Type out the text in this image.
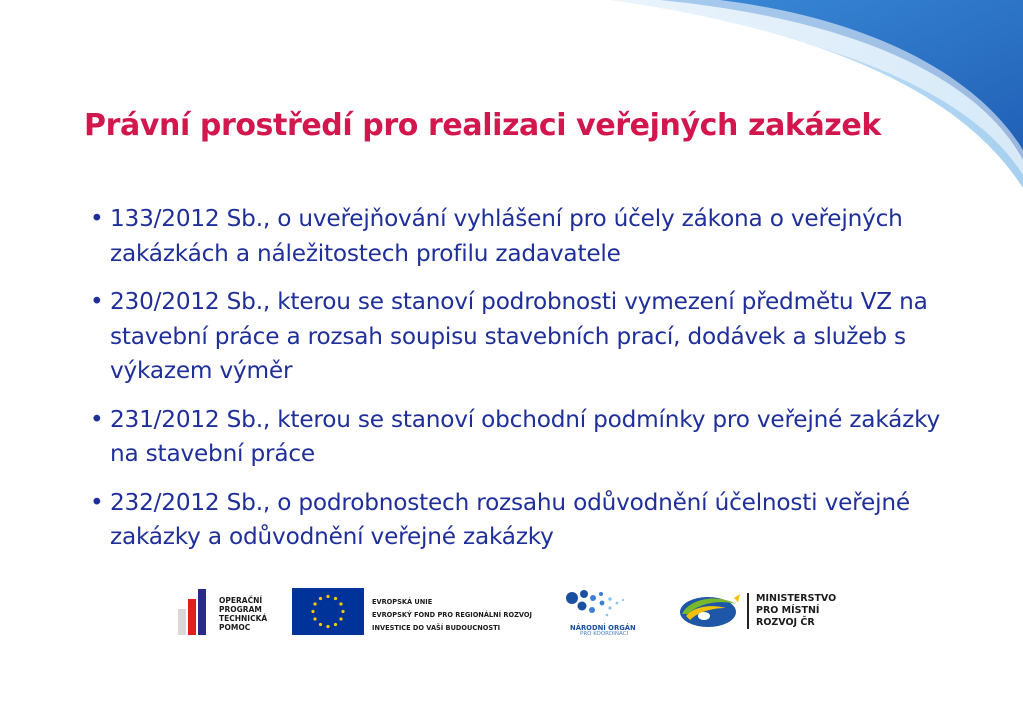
Právní prostředí pro realizaci veřejných zakázek
• 133/2012 Sb., o uveřejňování vyhlášení pro účely zákona o veřejných zakázkách a náležitostech profilu zadavatele
• 230/2012 Sb., kterou se stanoví podrobnosti vymezení předmětu VZ na stavební práce a rozsah soupisu stavebních prací, dodávek a služeb s výkazem výměr
• 231/2012 Sb., kterou se stanoví obchodní podmínky pro veřejné zakázky na stavební práce
• 232/2012 Sb., o podrobnostech rozsahu odůvodnění účelnosti veřejné zakázky a odůvodnění veřejné zakázky
OPERAČNÍ
PROGRAM
TECHNICKÁ
POMOC
EVROPSKÁ UNIE
EVROPSKÝ FOND PRO REGIONÁLNÍ ROZVOJ
INVESTICE DO VAŠÍ BUDOUCNOSTI	NÁRODNÍ ORGÁN
PRO KOORDINACI
MINISTERSTVO
PRO MÍSTNÍ
ROZVOJ ČR
